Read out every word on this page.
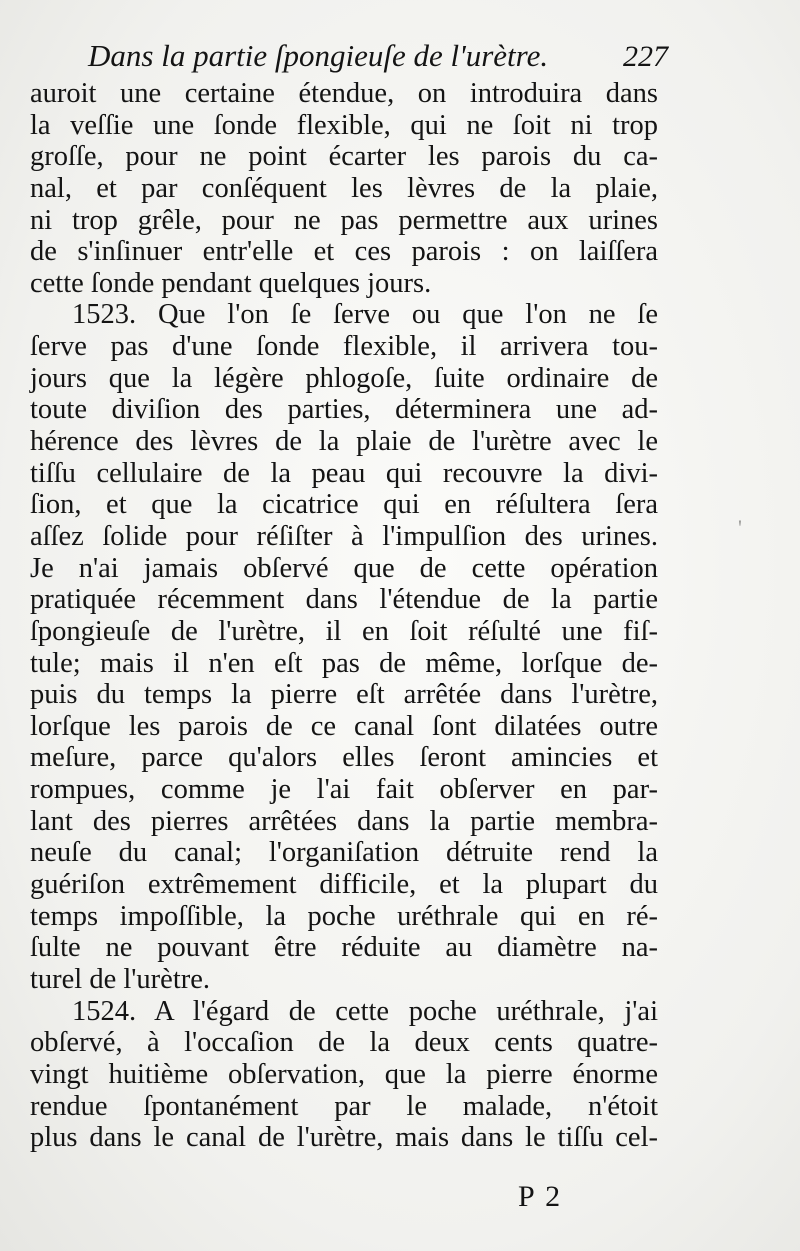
Dans la partie ſpongieuſe de l'urètre. 227
auroit une certaine étendue, on introduira dans
la veſſie une ſonde flexible, qui ne ſoit ni trop
groſſe, pour ne point écarter les parois du ca-
nal, et par conſéquent les lèvres de la plaie,
ni trop grêle, pour ne pas permettre aux urines
de s'inſinuer entr'elle et ces parois : on laiſſera
cette ſonde pendant quelques jours.
1523. Que l'on ſe ſerve ou que l'on ne ſe
ſerve pas d'une ſonde flexible, il arrivera tou-
jours que la légère phlogoſe, ſuite ordinaire de
toute diviſion des parties, déterminera une ad-
hérence des lèvres de la plaie de l'urètre avec le
tiſſu cellulaire de la peau qui recouvre la divi-
ſion, et que la cicatrice qui en réſultera ſera
aſſez ſolide pour réſiſter à l'impulſion des urines.
Je n'ai jamais obſervé que de cette opération
pratiquée récemment dans l'étendue de la partie
ſpongieuſe de l'urètre, il en ſoit réſulté une fiſ-
tule; mais il n'en eſt pas de même, lorſque de-
puis du temps la pierre eſt arrêtée dans l'urètre,
lorſque les parois de ce canal ſont dilatées outre
meſure, parce qu'alors elles ſeront amincies et
rompues, comme je l'ai fait obſerver en par-
lant des pierres arrêtées dans la partie membra-
neuſe du canal; l'organiſation détruite rend la
guériſon extrêmement difficile, et la plupart du
temps impoſſible, la poche uréthrale qui en ré-
ſulte ne pouvant être réduite au diamètre na-
turel de l'urètre.
1524. A l'égard de cette poche uréthrale, j'ai
obſervé, à l'occaſion de la deux cents quatre-
vingt huitième obſervation, que la pierre énorme
rendue ſpontanément par le malade, n'étoit
plus dans le canal de l'urètre, mais dans le tiſſu cel-
P 2
'
